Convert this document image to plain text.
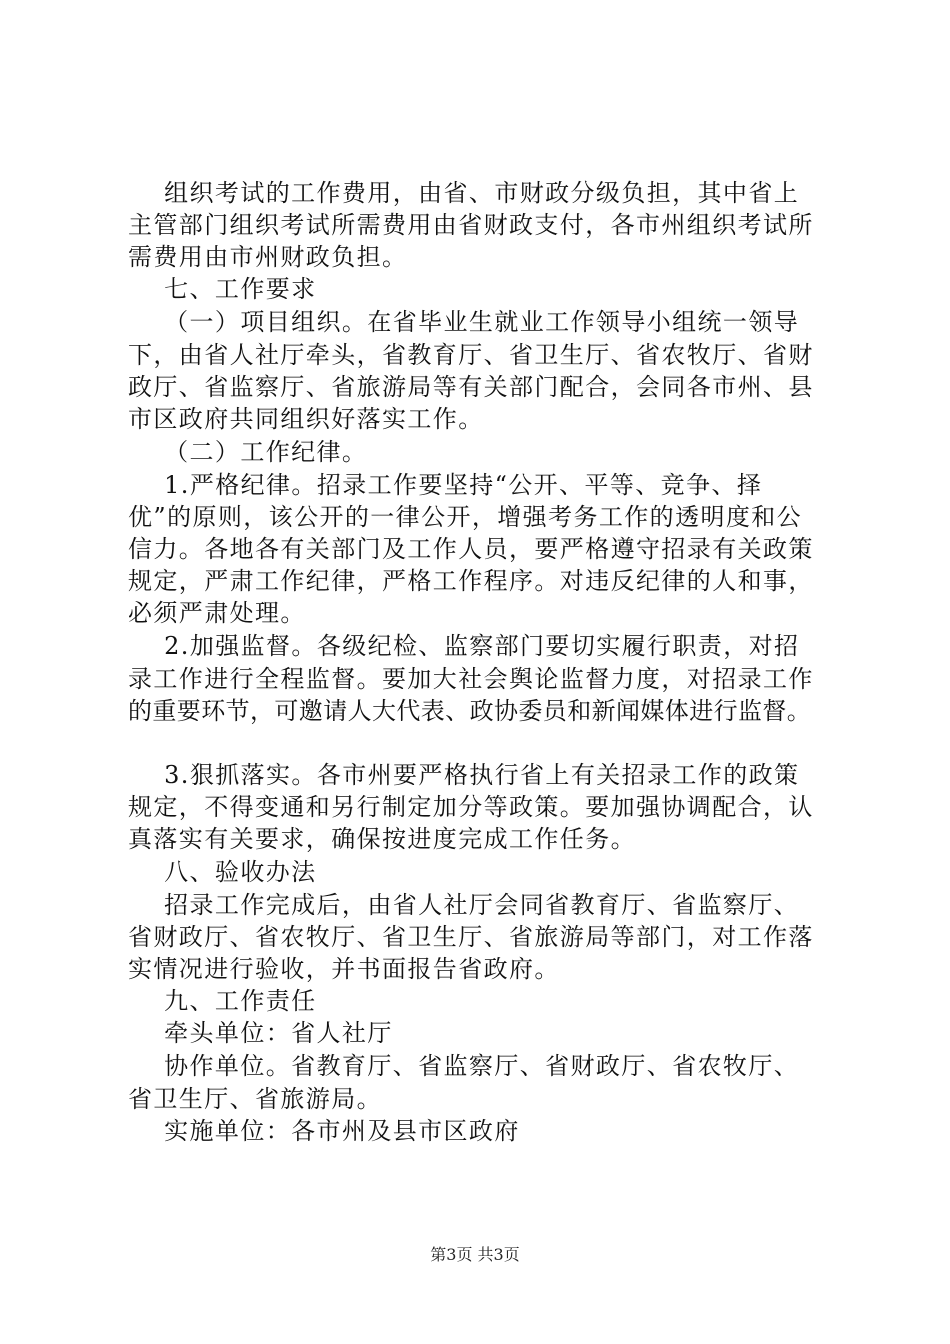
组织考试的工作费用，由省、市财政分级负担，其中省上
主管部门组织考试所需费用由省财政支付，各市州组织考试所
需费用由市州财政负担。
七、工作要求
（一）项目组织。在省毕业生就业工作领导小组统一领导
下，由省人社厅牵头，省教育厅、省卫生厅、省农牧厅、省财
政厅、省监察厅、省旅游局等有关部门配合，会同各市州、县
市区政府共同组织好落实工作。
（二）工作纪律。
1.严格纪律。招录工作要坚持“公开、平等、竞争、择
优”的原则，该公开的一律公开，增强考务工作的透明度和公
信力。各地各有关部门及工作人员，要严格遵守招录有关政策
规定，严肃工作纪律，严格工作程序。对违反纪律的人和事，
必须严肃处理。
2.加强监督。各级纪检、监察部门要切实履行职责，对招
录工作进行全程监督。要加大社会舆论监督力度，对招录工作
的重要环节，可邀请人大代表、政协委员和新闻媒体进行监督。
3.狠抓落实。各市州要严格执行省上有关招录工作的政策
规定，不得变通和另行制定加分等政策。要加强协调配合，认
真落实有关要求，确保按进度完成工作任务。
八、验收办法
招录工作完成后，由省人社厅会同省教育厅、省监察厅、
省财政厅、省农牧厅、省卫生厅、省旅游局等部门，对工作落
实情况进行验收，并书面报告省政府。
九、工作责任
牵头单位：省人社厅
协作单位。省教育厅、省监察厅、省财政厅、省农牧厅、
省卫生厅、省旅游局。
实施单位：各市州及县市区政府
第3页 共3页
